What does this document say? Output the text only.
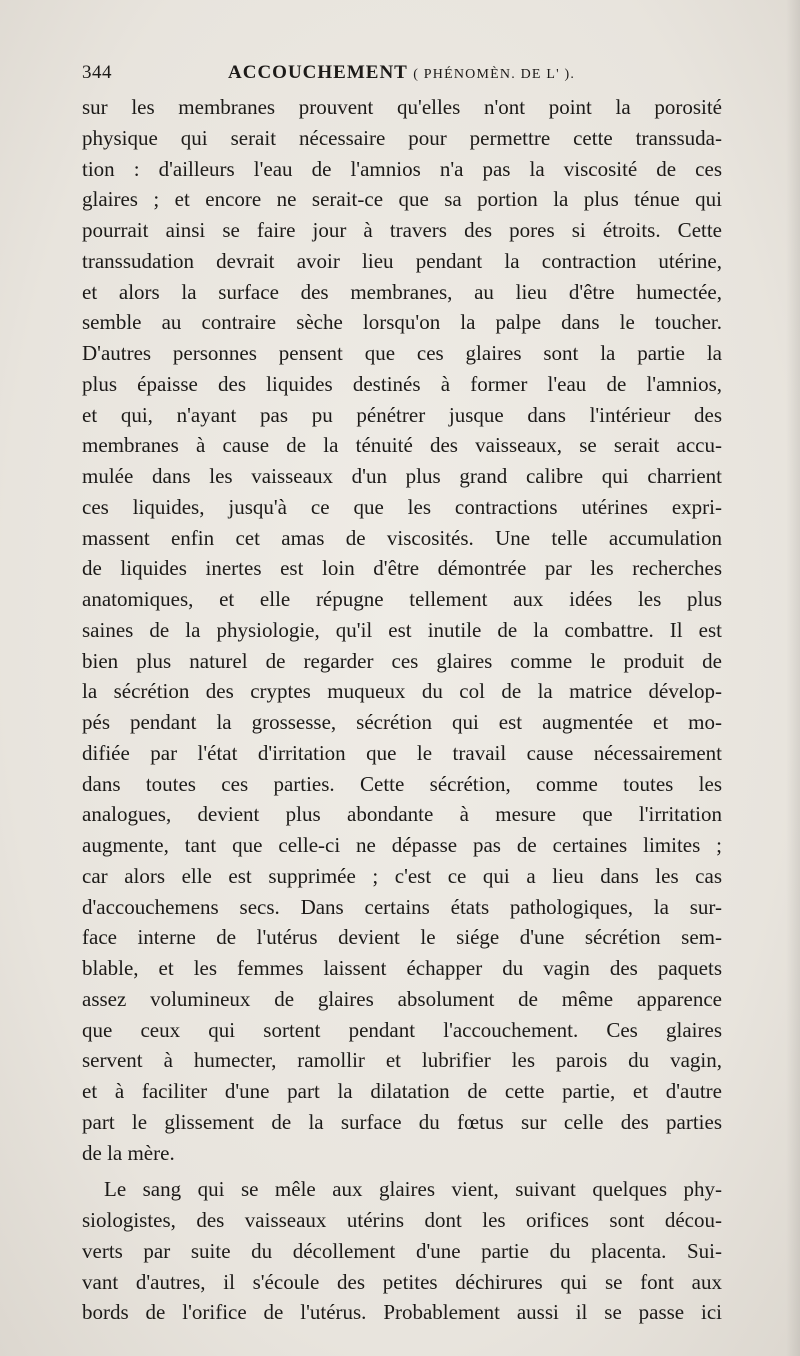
344	ACCOUCHEMENT ( PHÉNOMÈN. DE L' ).
sur les membranes prouvent qu'elles n'ont point la porosité
physique qui serait nécessaire pour permettre cette transsuda-
tion : d'ailleurs l'eau de l'amnios n'a pas la viscosité de ces
glaires ; et encore ne serait-ce que sa portion la plus ténue qui
pourrait ainsi se faire jour à travers des pores si étroits. Cette
transsudation devrait avoir lieu pendant la contraction utérine,
et alors la surface des membranes, au lieu d'être humectée,
semble au contraire sèche lorsqu'on la palpe dans le toucher.
D'autres personnes pensent que ces glaires sont la partie la
plus épaisse des liquides destinés à former l'eau de l'amnios,
et qui, n'ayant pas pu pénétrer jusque dans l'intérieur des
membranes à cause de la ténuité des vaisseaux, se serait accu-
mulée dans les vaisseaux d'un plus grand calibre qui charrient
ces liquides, jusqu'à ce que les contractions utérines expri-
massent enfin cet amas de viscosités. Une telle accumulation
de liquides inertes est loin d'être démontrée par les recherches
anatomiques, et elle répugne tellement aux idées les plus
saines de la physiologie, qu'il est inutile de la combattre. Il est
bien plus naturel de regarder ces glaires comme le produit de
la sécrétion des cryptes muqueux du col de la matrice dévelop-
pés pendant la grossesse, sécrétion qui est augmentée et mo-
difiée par l'état d'irritation que le travail cause nécessairement
dans toutes ces parties. Cette sécrétion, comme toutes les
analogues, devient plus abondante à mesure que l'irritation
augmente, tant que celle-ci ne dépasse pas de certaines limites ;
car alors elle est supprimée ; c'est ce qui a lieu dans les cas
d'accouchemens secs. Dans certains états pathologiques, la sur-
face interne de l'utérus devient le siége d'une sécrétion sem-
blable, et les femmes laissent échapper du vagin des paquets
assez volumineux de glaires absolument de même apparence
que ceux qui sortent pendant l'accouchement. Ces glaires
servent à humecter, ramollir et lubrifier les parois du vagin,
et à faciliter d'une part la dilatation de cette partie, et d'autre
part le glissement de la surface du fœtus sur celle des parties
de la mère.
Le sang qui se mêle aux glaires vient, suivant quelques phy-
siologistes, des vaisseaux utérins dont les orifices sont décou-
verts par suite du décollement d'une partie du placenta. Sui-
vant d'autres, il s'écoule des petites déchirures qui se font aux
bords de l'orifice de l'utérus. Probablement aussi il se passe ici
